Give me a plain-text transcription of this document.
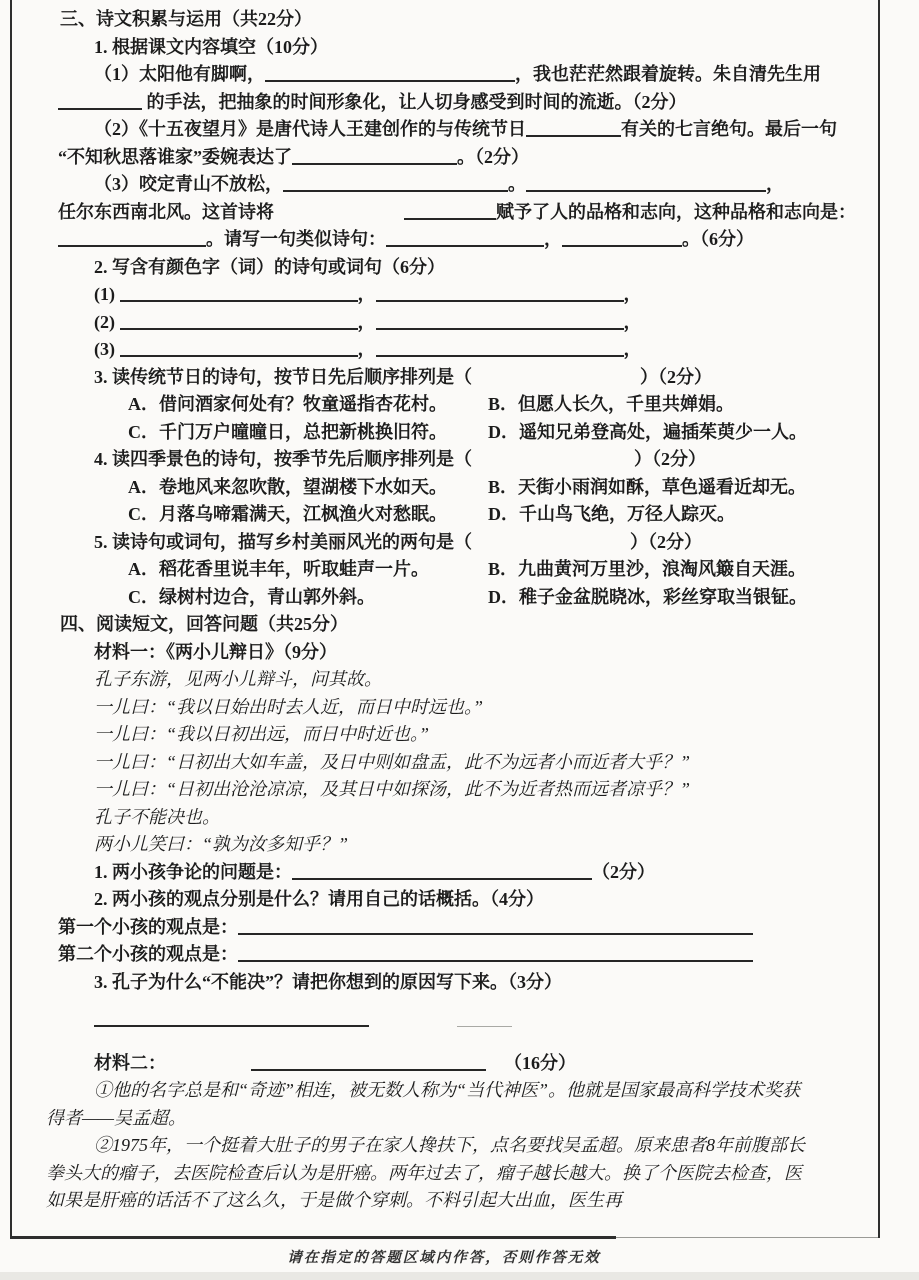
三、诗文积累与运用（共22分）
1. 根据课文内容填空（10分）
（1）太阳他有脚啊，	，我也茫茫然跟着旋转。朱自清先生用
的手法，把抽象的时间形象化，让人切身感受到时间的流逝。（2分）
（2）《十五夜望月》是唐代诗人王建创作的与传统节日	有关的七言绝句。最后一句
“不知秋思落谁家”委婉表达了	。（2分）
（3）咬定青山不放松，	。	，
任尔东西南北风。这首诗将	赋予了人的品格和志向，这种品格和志向是：
。请写一句类似诗句：	，	。（6分）
2. 写含有颜色字（词）的诗句或词句（6分）
(1)	，	，
(2)	，	，
(3)	，	，
3. 读传统节日的诗句，按节日先后顺序排列是（	）（2分）
A．借问酒家何处有？牧童遥指杏花村。 B．但愿人长久，千里共婵娟。
C．千门万户曈曈日，总把新桃换旧符。 D．遥知兄弟登高处，遍插茱萸少一人。
4. 读四季景色的诗句，按季节先后顺序排列是（	）（2分）
A．卷地风来忽吹散，望湖楼下水如天。 B．天街小雨润如酥，草色遥看近却无。
C．月落乌啼霜满天，江枫渔火对愁眠。 D．千山鸟飞绝，万径人踪灭。
5. 读诗句或词句，描写乡村美丽风光的两句是（	）（2分）
A．稻花香里说丰年，听取蛙声一片。	B．九曲黄河万里沙，浪淘风簸自天涯。
C．绿树村边合，青山郭外斜。	D．稚子金盆脱晓冰，彩丝穿取当银钲。
四、阅读短文，回答问题（共25分）
材料一：《两小儿辩日》（9分）
孔子东游，见两小儿辩斗，问其故。
一儿曰：“我以日始出时去人近，而日中时远也。”
一儿曰：“我以日初出远，而日中时近也。”
一儿曰：“日初出大如车盖，及日中则如盘盂，此不为远者小而近者大乎？”
一儿曰：“日初出沧沧凉凉，及其日中如探汤，此不为近者热而远者凉乎？”
孔子不能决也。
两小儿笑曰：“孰为汝多知乎？”
1. 两小孩争论的问题是：	（2分）
2. 两小孩的观点分别是什么？请用自己的话概括。（4分）
第一个小孩的观点是：
第二个小孩的观点是：
3. 孔子为什么“不能决”？请把你想到的原因写下来。（3分）
材料二：	（16分）
①他的名字总是和“奇迹”相连，被无数人称为“当代神医”。他就是国家最高科学技术奖获
得者——吴孟超。
②1975年，一个挺着大肚子的男子在家人搀扶下，点名要找吴孟超。原来患者8年前腹部长
拳头大的瘤子，去医院检查后认为是肝癌。两年过去了，瘤子越长越大。换了个医院去检查，医
如果是肝癌的话活不了这么久，于是做个穿刺。不料引起大出血，医生再
请在指定的答题区域内作答，否则作答无效
